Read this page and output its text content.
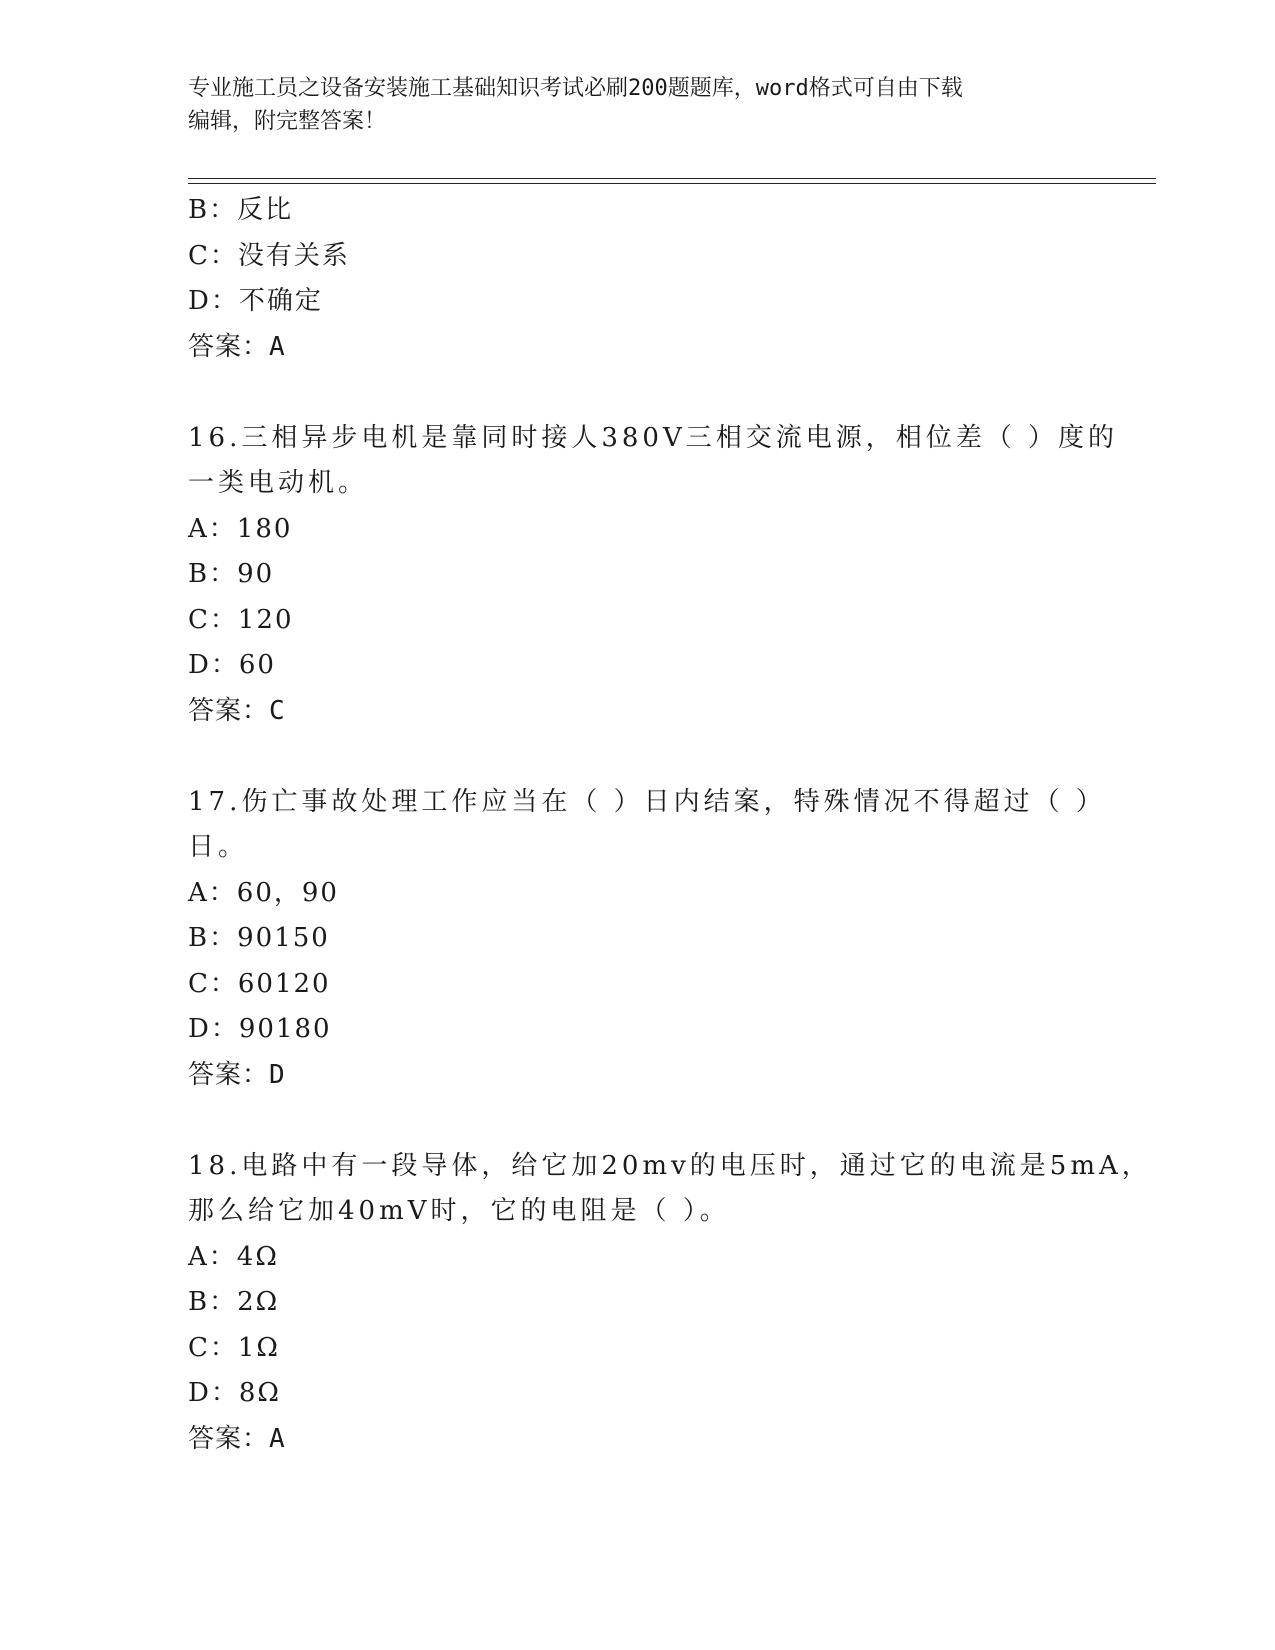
专业施工员之设备安装施工基础知识考试必刷200题题库，word格式可自由下载
编辑，附完整答案！
B：反比
C：没有关系
D：不确定
答案：A
16.三相异步电机是靠同时接人380V三相交流电源，相位差（ ）度的
一类电动机。
A：180
B：90
C：120
D：60
答案：C
17.伤亡事故处理工作应当在（ ）日内结案，特殊情况不得超过（ ）
日。
A：60，90
B：90150
C：60120
D：90180
答案：D
18.电路中有一段导体，给它加20mv的电压时，通过它的电流是5mA，
那么给它加40mV时，它的电阻是（ ）。
A：4Ω
B：2Ω
C：1Ω
D：8Ω
答案：A
